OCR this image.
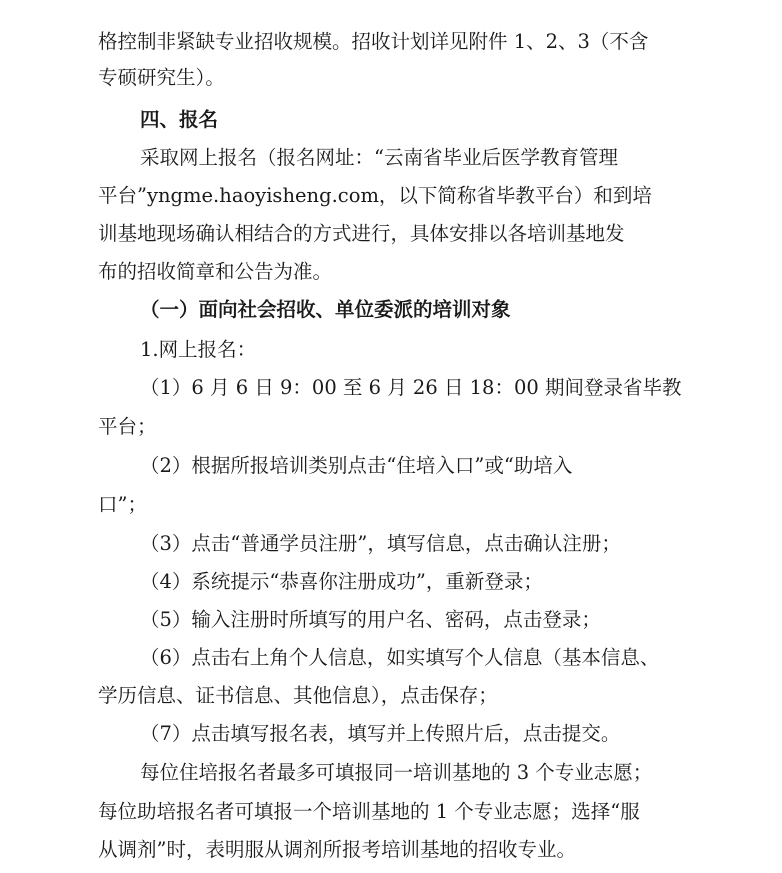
格控制非紧缺专业招收规模。招收计划详见附件 1、2、3（不含
专硕研究生）。
四、报名
采取网上报名（报名网址：“云南省毕业后医学教育管理
平台”yngme.haoyisheng.com，以下简称省毕教平台）和到培
训基地现场确认相结合的方式进行，具体安排以各培训基地发
布的招收简章和公告为准。
（一）面向社会招收、单位委派的培训对象
1.网上报名：
（1）6 月 6 日 9：00 至 6 月 26 日 18：00 期间登录省毕教
平台；
（2）根据所报培训类别点击“住培入口”或“助培入
口”；
（3）点击“普通学员注册”，填写信息，点击确认注册；
（4）系统提示“恭喜你注册成功”，重新登录；
（5）输入注册时所填写的用户名、密码，点击登录；
（6）点击右上角个人信息，如实填写个人信息（基本信息、
学历信息、证书信息、其他信息），点击保存；
（7）点击填写报名表，填写并上传照片后，点击提交。
每位住培报名者最多可填报同一培训基地的 3 个专业志愿；
每位助培报名者可填报一个培训基地的 1 个专业志愿；选择“服
从调剂”时，表明服从调剂所报考培训基地的招收专业。
